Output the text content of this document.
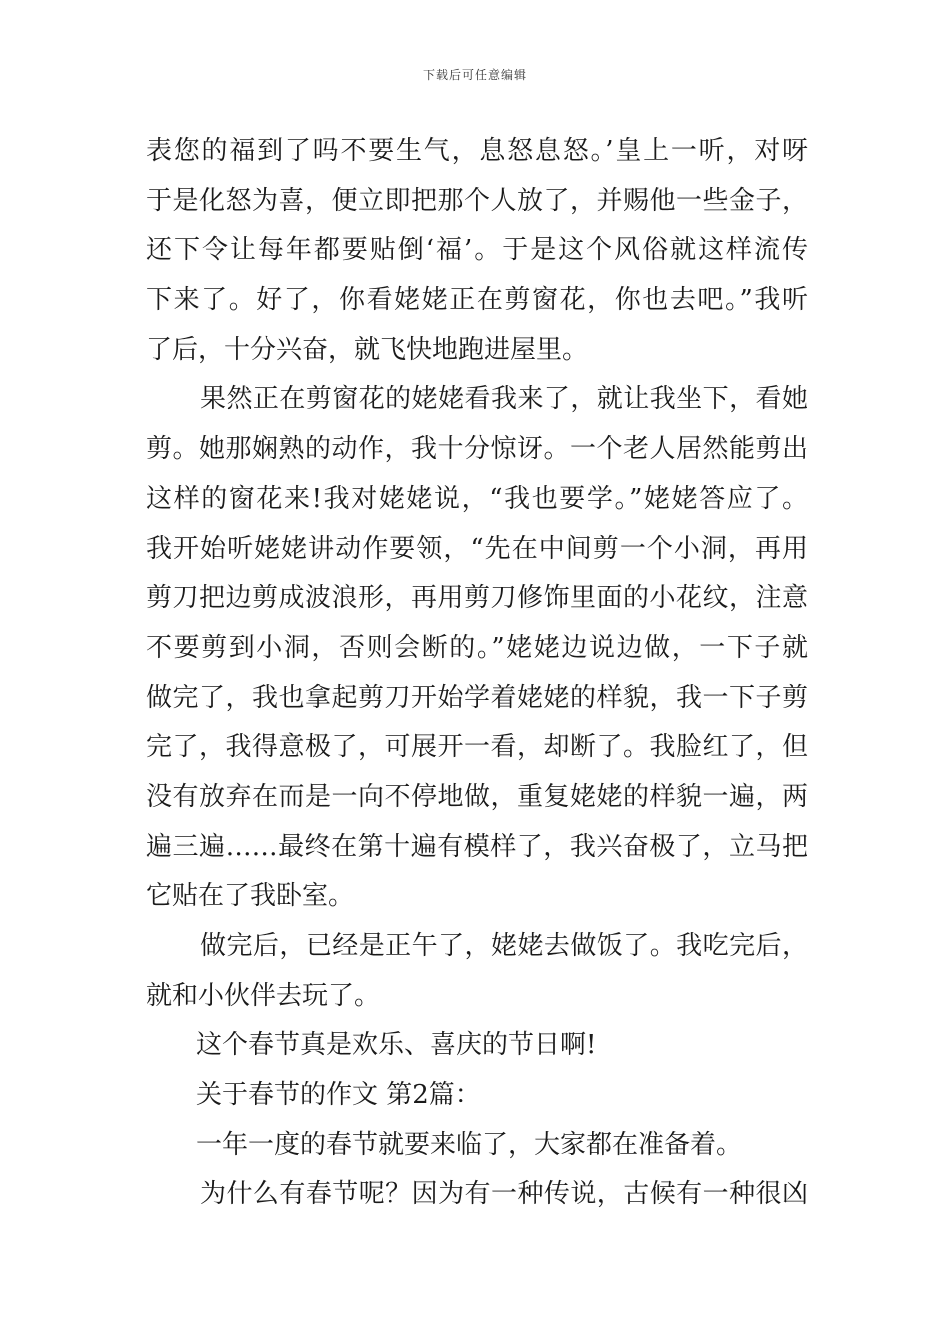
下载后可任意编辑
表您的福到了吗不要生气，息怒息怒。’皇上一听，对呀
于是化怒为喜，便立即把那个人放了，并赐他一些金子，
还下令让每年都要贴倒‘福’。于是这个风俗就这样流传
下来了。好了，你看姥姥正在剪窗花，你也去吧。”我听
了后，十分兴奋，就飞快地跑进屋里。
果然正在剪窗花的姥姥看我来了，就让我坐下，看她
剪。她那娴熟的动作，我十分惊讶。一个老人居然能剪出
这样的窗花来!我对姥姥说，“我也要学。”姥姥答应了。
我开始听姥姥讲动作要领，“先在中间剪一个小洞，再用
剪刀把边剪成波浪形，再用剪刀修饰里面的小花纹，注意
不要剪到小洞，否则会断的。”姥姥边说边做，一下子就
做完了，我也拿起剪刀开始学着姥姥的样貌，我一下子剪
完了，我得意极了，可展开一看，却断了。我脸红了，但
没有放弃在而是一向不停地做，重复姥姥的样貌一遍，两
遍三遍……最终在第十遍有模样了，我兴奋极了，立马把
它贴在了我卧室。
做完后，已经是正午了，姥姥去做饭了。我吃完后，
就和小伙伴去玩了。
这个春节真是欢乐、喜庆的节日啊!
关于春节的作文 第2篇：
一年一度的春节就要来临了，大家都在准备着。
为什么有春节呢？因为有一种传说，古候有一种很凶
